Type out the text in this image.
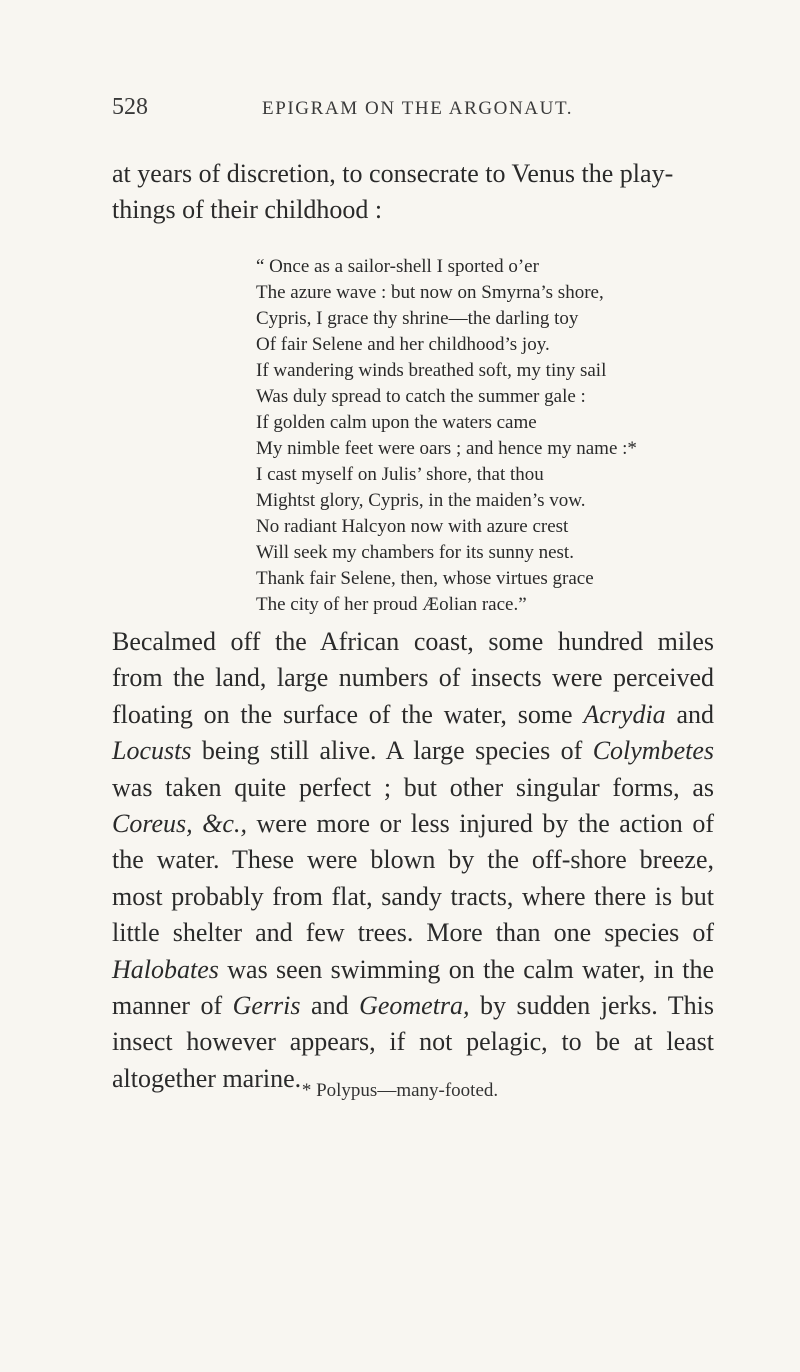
528	EPIGRAM ON THE ARGONAUT.

at years of discretion, to consecrate to Venus the play-things of their childhood :

“ Once as a sailor-shell I sported o’er
The azure wave : but now on Smyrna’s shore,
Cypris, I grace thy shrine—the darling toy
Of fair Selene and her childhood’s joy.
If wandering winds breathed soft, my tiny sail
Was duly spread to catch the summer gale :
If golden calm upon the waters came
My nimble feet were oars ; and hence my name :*
I cast myself on Julis’ shore, that thou
Mightst glory, Cypris, in the maiden’s vow.
No radiant Halcyon now with azure crest
Will seek my chambers for its sunny nest.
Thank fair Selene, then, whose virtues grace
The city of her proud Æolian race.”

Becalmed off the African coast, some hundred miles from the land, large numbers of insects were perceived floating on the surface of the water, some Acrydia and Locusts being still alive. A large species of Colymbetes was taken quite perfect ; but other singular forms, as Coreus, &c., were more or less injured by the action of the water. These were blown by the off-shore breeze, most probably from flat, sandy tracts, where there is but little shelter and few trees. More than one species of Halobates was seen swimming on the calm water, in the manner of Gerris and Geometra, by sudden jerks. This insect however appears, if not pelagic, to be at least altogether marine. * Polypus—many-footed.
